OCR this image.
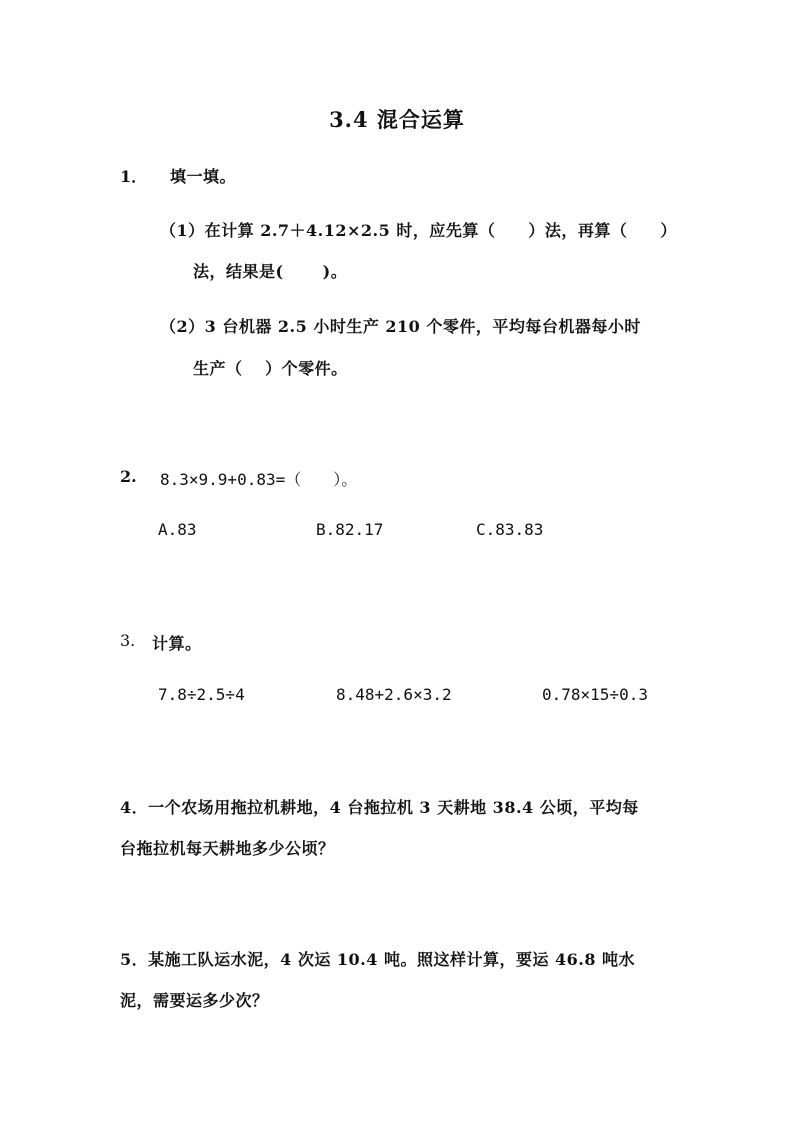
3.4 混合运算
1． 填一填。
（1）在计算 2.7＋4.12×2.5 时，应先算（　　）法，再算（　　）
法，结果是(　　 )。
（2）3 台机器 2.5 小时生产 210 个零件，平均每台机器每小时
生产（　 ）个零件。
2. 8.3×9.9+0.83=（　　）。
A.83	B.82.17	C.83.83
3. 计算。
7.8÷2.5÷4	8.48+2.6×3.2	0.78×15÷0.3
4．一个农场用拖拉机耕地，4 台拖拉机 3 天耕地 38.4 公顷，平均每
台拖拉机每天耕地多少公顷？
5．某施工队运水泥，4 次运 10.4 吨。照这样计算，要运 46.8 吨水
泥，需要运多少次？
